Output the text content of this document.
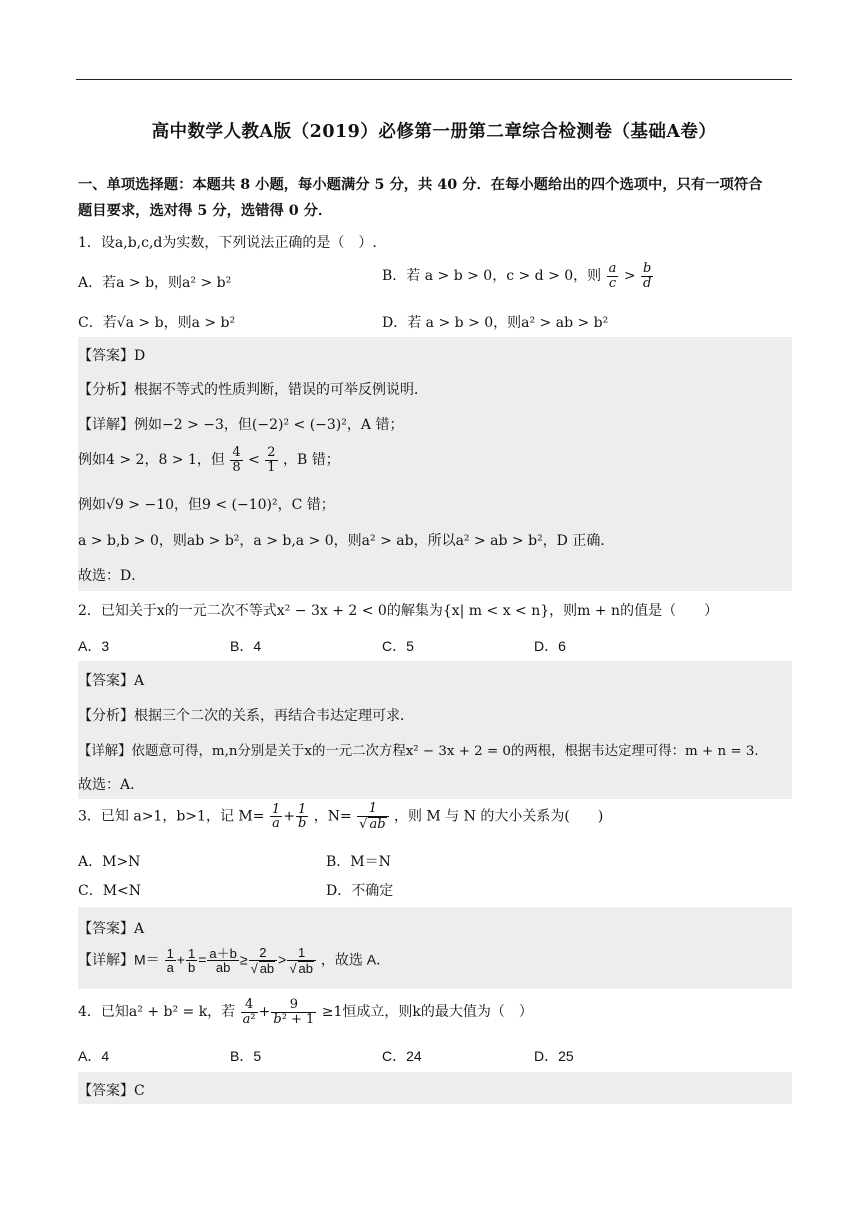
高中数学人教A版（2019）必修第一册第二章综合检测卷（基础A卷）
一、单项选择题：本题共 8 小题，每小题满分 5 分，共 40 分．在每小题给出的四个选项中，只有一项符合
题目要求，选对得 5 分，选错得 0 分．
1．设a,b,c,d为实数，下列说法正确的是（　）.
A．若a > b，则a² > b²	B．若 a > b > 0，c > d > 0，则 $\frac{a}{c} > \frac{b}{d}$
C．若√a > b，则a > b²	D．若 a > b > 0，则a² > ab > b²
【答案】D
【分析】根据不等式的性质判断，错误的可举反例说明．
【详解】例如−2 > −3，但(−2)² < (−3)²，A 错；
例如4 > 2，8 > 1，但 $\frac{4}{8} < \frac{2}{1}$ ，B 错；
例如√9 > −10，但9 < (−10)²，C 错；
a > b,b > 0，则ab > b²，a > b,a > 0，则a² > ab，所以a² > ab > b²，D 正确．
故选：D．
2．已知关于x的一元二次不等式x² − 3x + 2 < 0的解集为{x| m < x < n}，则m + n的值是（　　）
A．3	B．4	C．5	D．6
【答案】A
【分析】根据三个二次的关系，再结合韦达定理可求．
【详解】依题意可得，m,n分别是关于x的一元二次方程x² − 3x + 2 = 0的两根，根据韦达定理可得：m + n = 3．
故选：A．
3．已知 a>1，b>1，记 $M= \frac{1}{a} + \frac{1}{b}$ ，$N= \frac{1}{√ ab}$ ，则 M 与 N 的大小关系为(　　)
A．M>N	B．M＝N
C．M<N	D．不确定
【答案】A
【详解】$M= \frac{1}{a} + \frac{1}{b} = \frac{a+b}{ab} \ge \frac{2}{√ ab} > \frac{1}{√ ab}$ ，故选 A．
4．已知a² + b² = k，若 $\frac{4}{\text{a²}} + \frac{9}{\text{b² + 1}} \ge 1$恒成立，则k的最大值为（　）
A．4	B．5	C．24	D．25
【答案】C
